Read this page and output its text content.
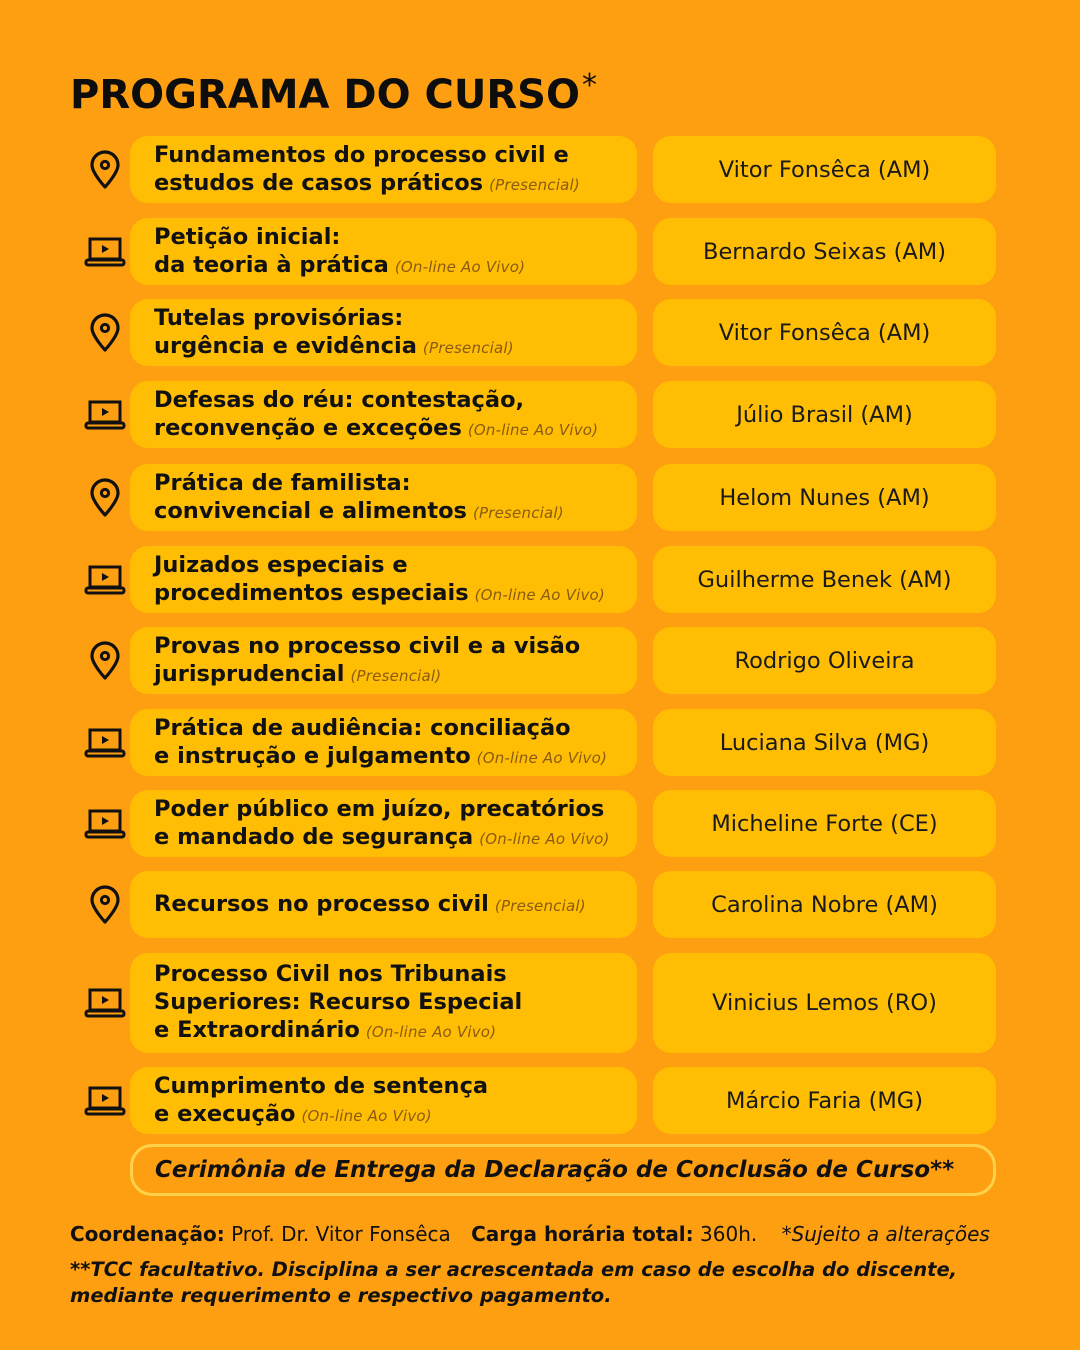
PROGRAMA DO CURSO*
Fundamentos do processo civil e
estudos de casos práticos (Presencial)
Vitor Fonsêca (AM)
Petição inicial:
da teoria à prática (On-line Ao Vivo)
Bernardo Seixas (AM)
Tutelas provisórias:
urgência e evidência (Presencial)
Vitor Fonsêca (AM)
Defesas do réu: contestação,
reconvenção e exceções (On-line Ao Vivo)
Júlio Brasil (AM)
Prática de familista:
convivencial e alimentos (Presencial)
Helom Nunes (AM)
Juizados especiais e
procedimentos especiais (On-line Ao Vivo)
Guilherme Benek (AM)
Provas no processo civil e a visão
jurisprudencial (Presencial)
Rodrigo Oliveira
Prática de audiência: conciliação
e instrução e julgamento (On-line Ao Vivo)
Luciana Silva (MG)
Poder público em juízo, precatórios
e mandado de segurança (On-line Ao Vivo)
Micheline Forte (CE)
Recursos no processo civil (Presencial)	Carolina Nobre (AM)
Processo Civil nos Tribunais
Superiores: Recurso Especial
e Extraordinário (On-line Ao Vivo)
Vinicius Lemos (RO)
Cumprimento de sentença
e execução (On-line Ao Vivo)
Márcio Faria (MG)
Cerimônia de Entrega da Declaração de Conclusão de Curso**
Coordenação: Prof. Dr. Vitor Fonsêca Carga horária total: 360h. *Sujeito a alterações
**TCC facultativo. Disciplina a ser acrescentada em caso de escolha do discente, mediante requerimento e respectivo pagamento.
